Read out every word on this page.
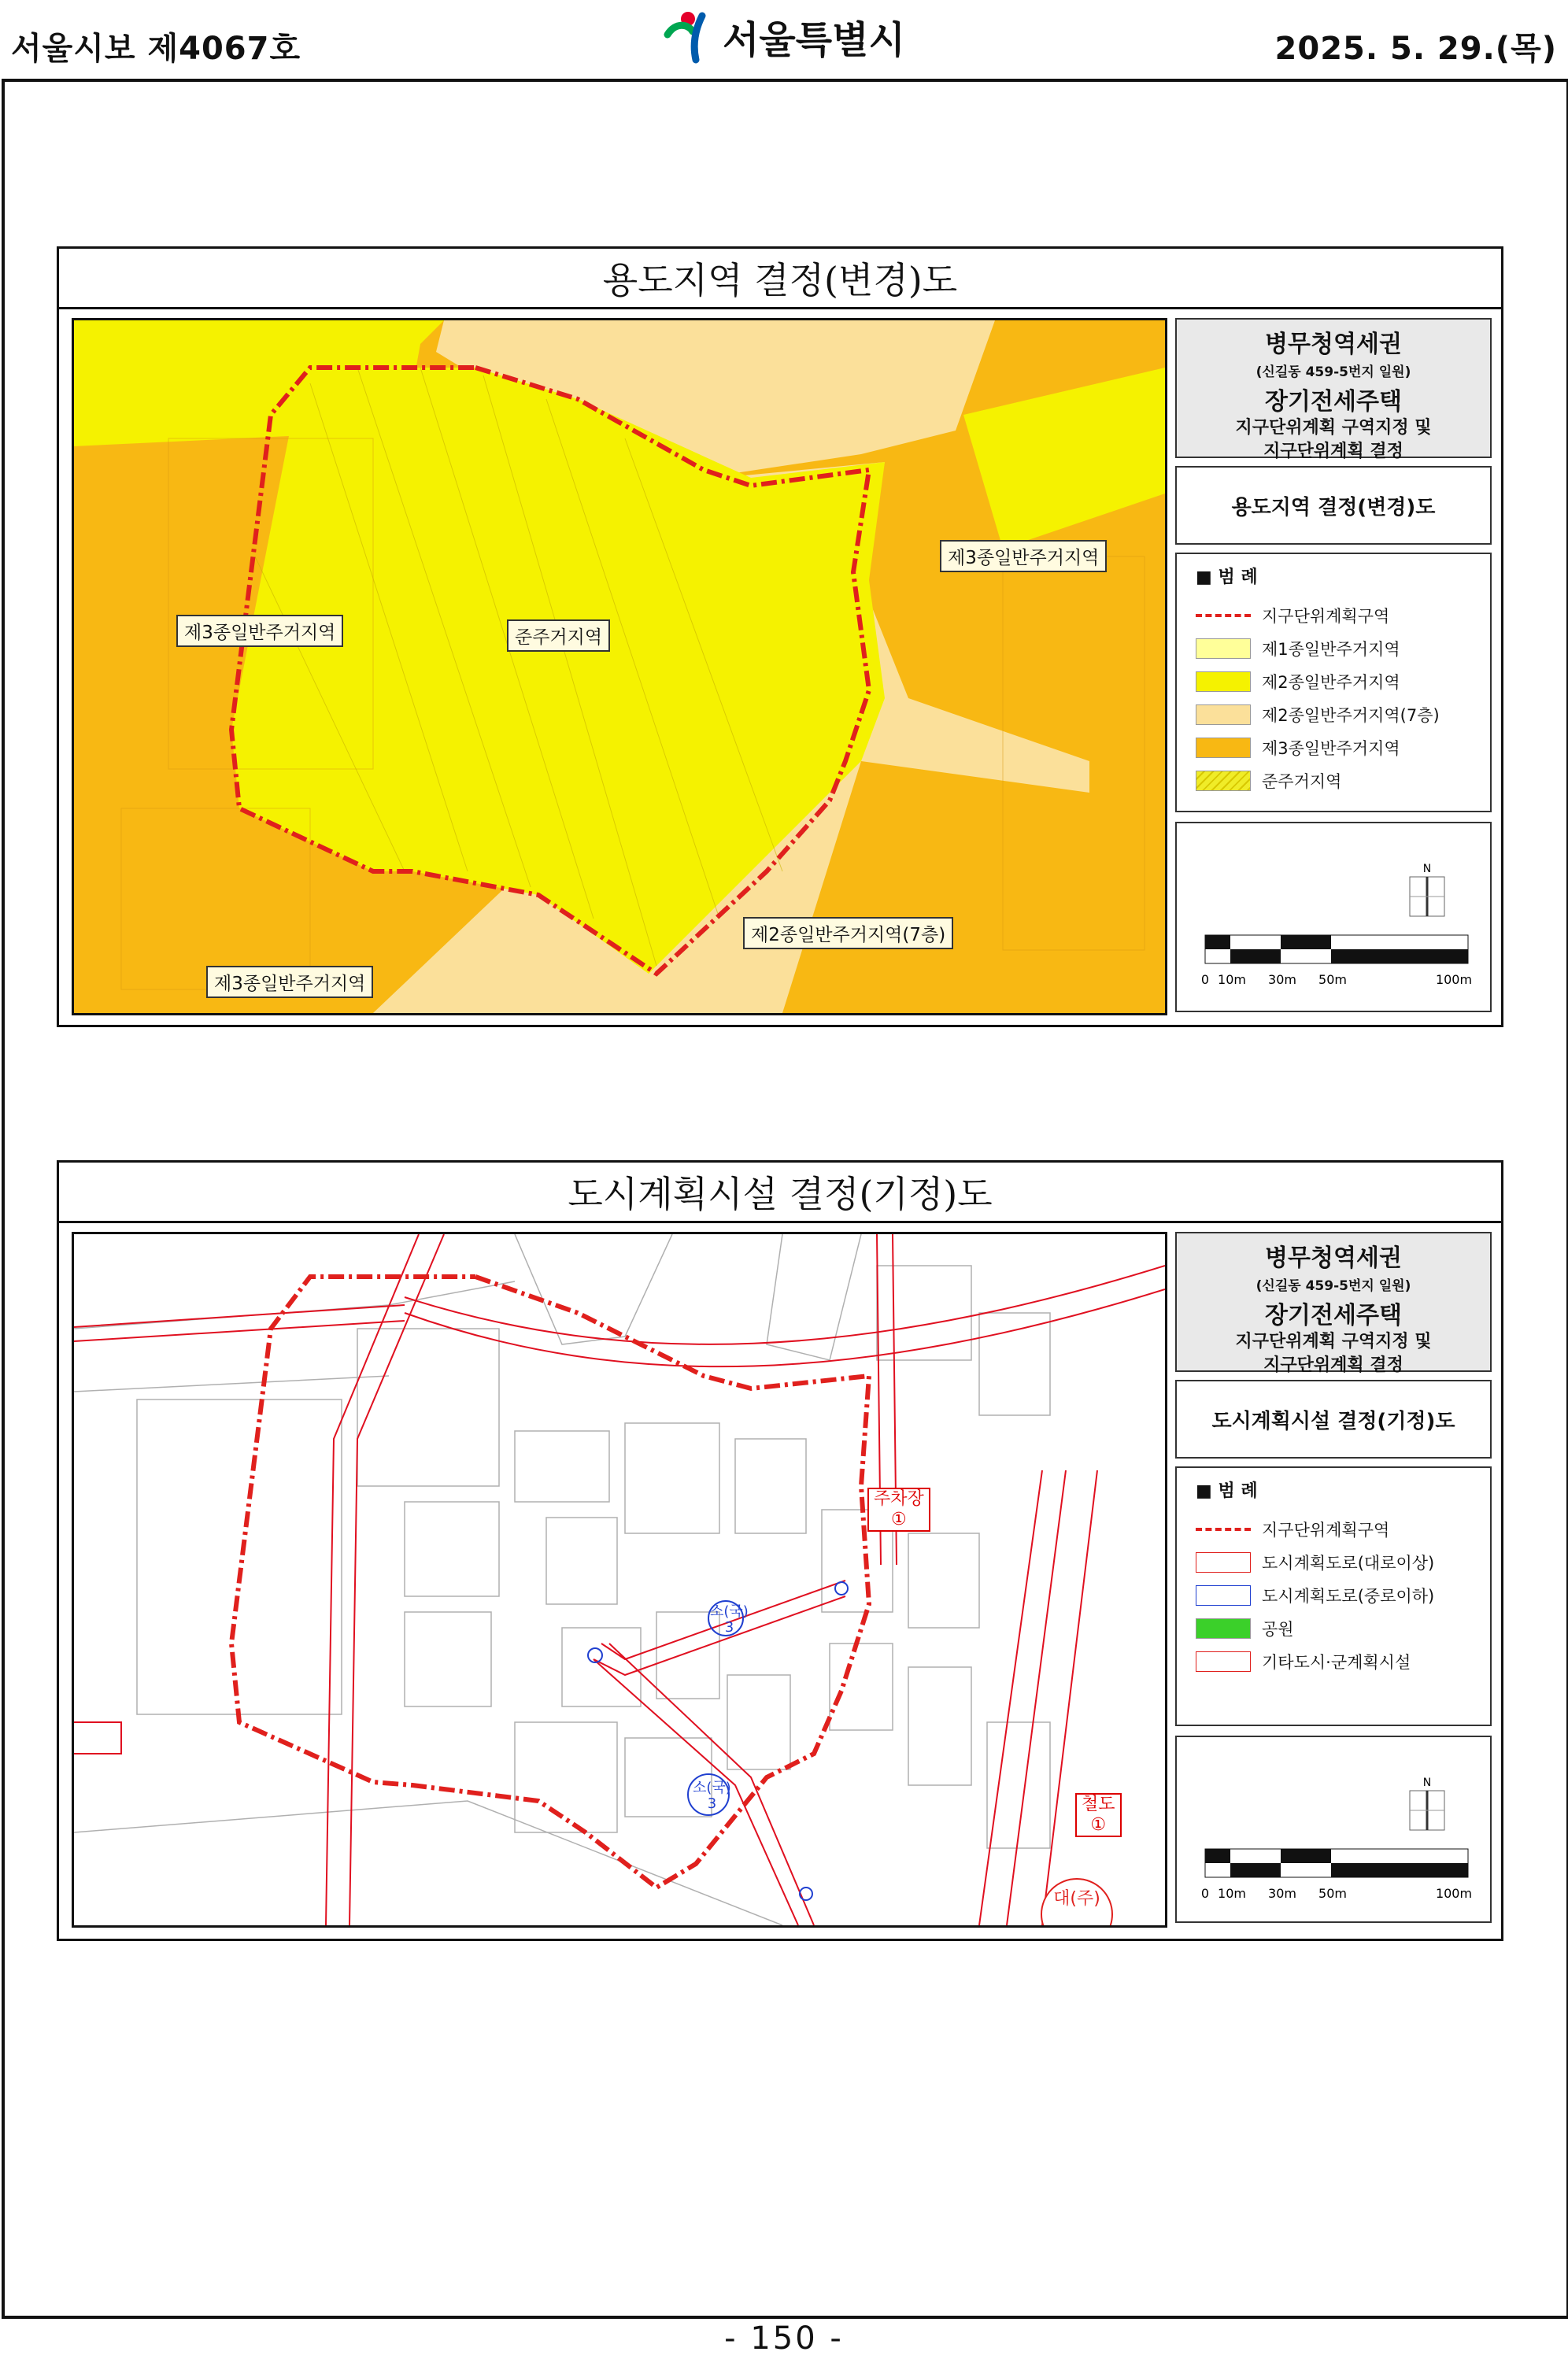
서울시보 제4067호	서울특별시	2025. 5. 29.(목)
용도지역 결정(변경)도
제3종일반주거지역	준주거지역
제3종일반주거지역
제2종일반주거지역(7층)
제3종일반주거지역
병무청역세권
(신길동 459-5번지 일원)
장기전세주택
지구단위계획 구역지정 및
지구단위계획 결정
용도지역 결정(변경)도
■ 범 례
지구단위계획구역
제1종일반주거지역
제2종일반주거지역
제2종일반주거지역(7층)
제3종일반주거지역
준주거지역
N
0 10m 30m 50m	100m
도시계획시설 결정(기정)도
주차장
①
소(국)
3
소(국)
3	철도
①
대(주)
병무청역세권
(신길동 459-5번지 일원)
장기전세주택
지구단위계획 구역지정 및
지구단위계획 결정
도시계획시설 결정(기정)도
■ 범 례
지구단위계획구역
도시계획도로(대로이상)
도시계획도로(중로이하)
공원
기타도시·군계획시설
N
0 10m 30m 50m	100m
- 150 -
